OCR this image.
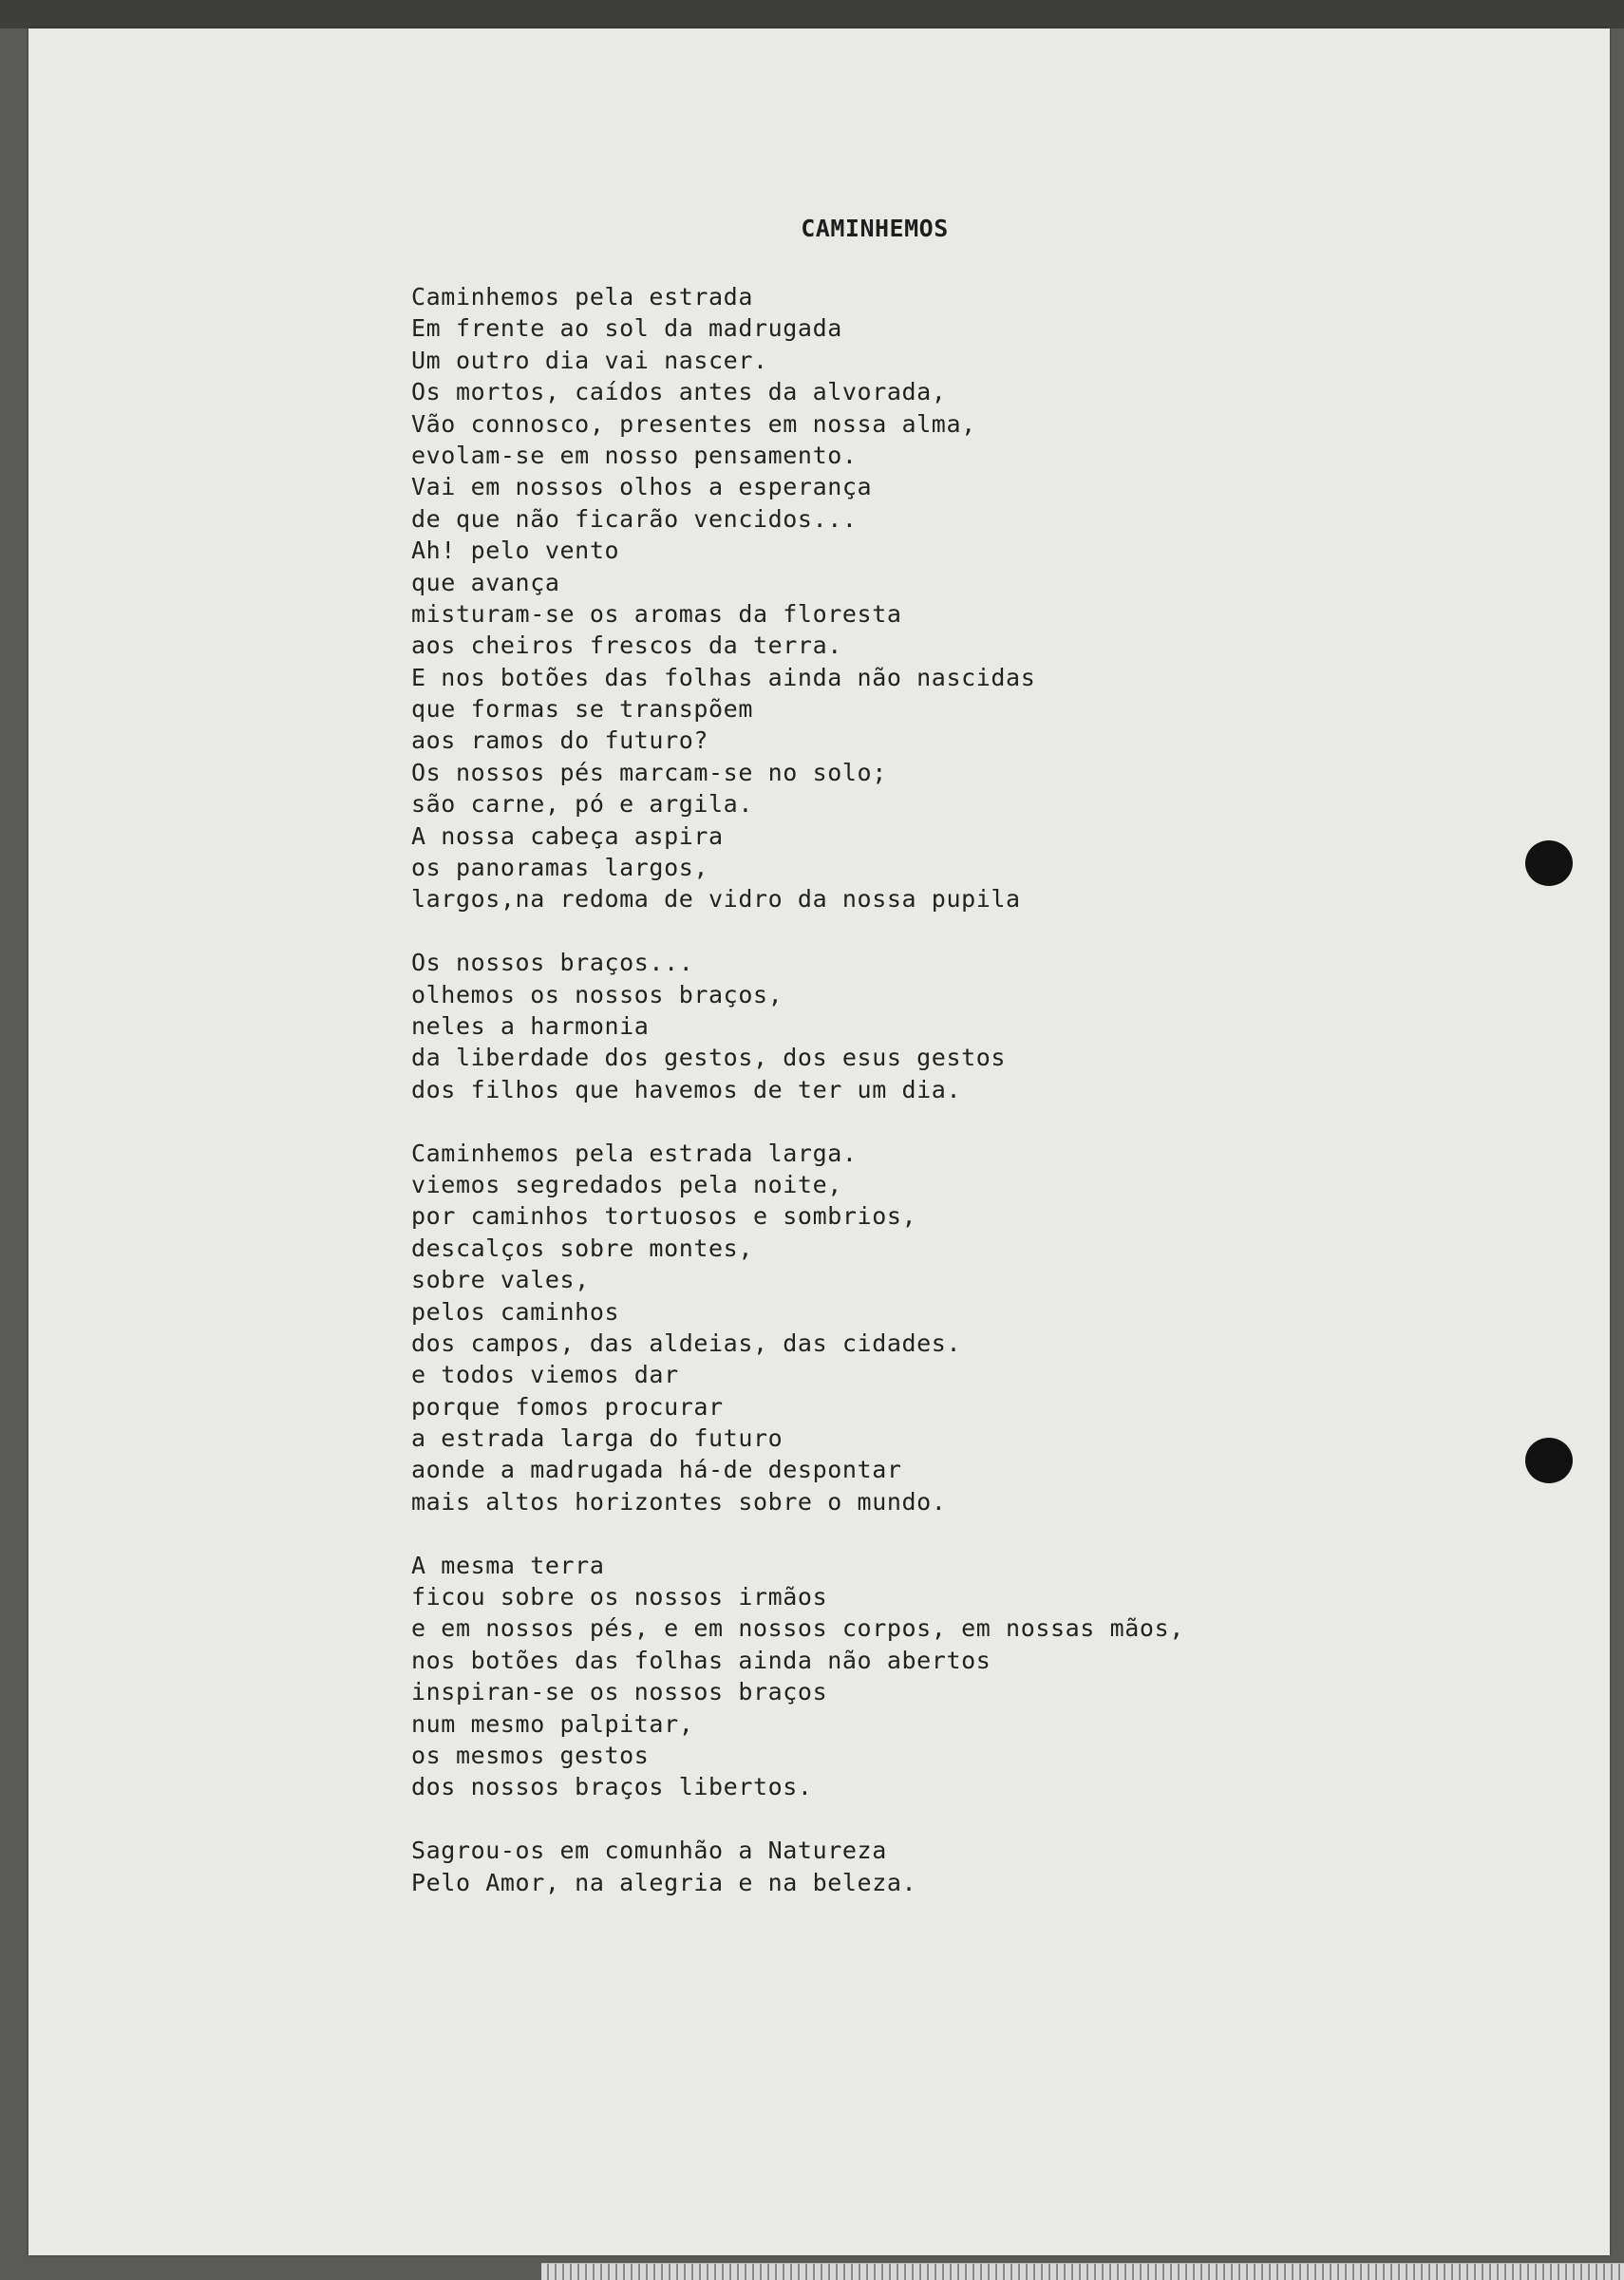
CAMINHEMOS
Caminhemos pela estrada
Em frente ao sol da madrugada
Um outro dia vai nascer.
Os mortos, caídos antes da alvorada,
Vão connosco, presentes em nossa alma,
evolam-se em nosso pensamento.
Vai em nossos olhos a esperança
de que não ficarão vencidos...
Ah! pelo vento
que avança
misturam-se os aromas da floresta
aos cheiros frescos da terra.
E nos botões das folhas ainda não nascidas
que formas se transpõem
aos ramos do futuro?
Os nossos pés marcam-se no solo;
são carne, pó e argila.
A nossa cabeça aspira
os panoramas largos,
largos,na redoma de vidro da nossa pupila
Os nossos braços...
olhemos os nossos braços,
neles a harmonia
da liberdade dos gestos, dos esus gestos
dos filhos que havemos de ter um dia.
Caminhemos pela estrada larga.
viemos segredados pela noite,
por caminhos tortuosos e sombrios,
descalços sobre montes,
sobre vales,
pelos caminhos
dos campos, das aldeias, das cidades.
e todos viemos dar
porque fomos procurar
a estrada larga do futuro
aonde a madrugada há-de despontar
mais altos horizontes sobre o mundo.
A mesma terra
ficou sobre os nossos irmãos
e em nossos pés, e em nossos corpos, em nossas mãos,
nos botões das folhas ainda não abertos
inspiran-se os nossos braços
num mesmo palpitar,
os mesmos gestos
dos nossos braços libertos.
Sagrou-os em comunhão a Natureza
Pelo Amor, na alegria e na beleza.
